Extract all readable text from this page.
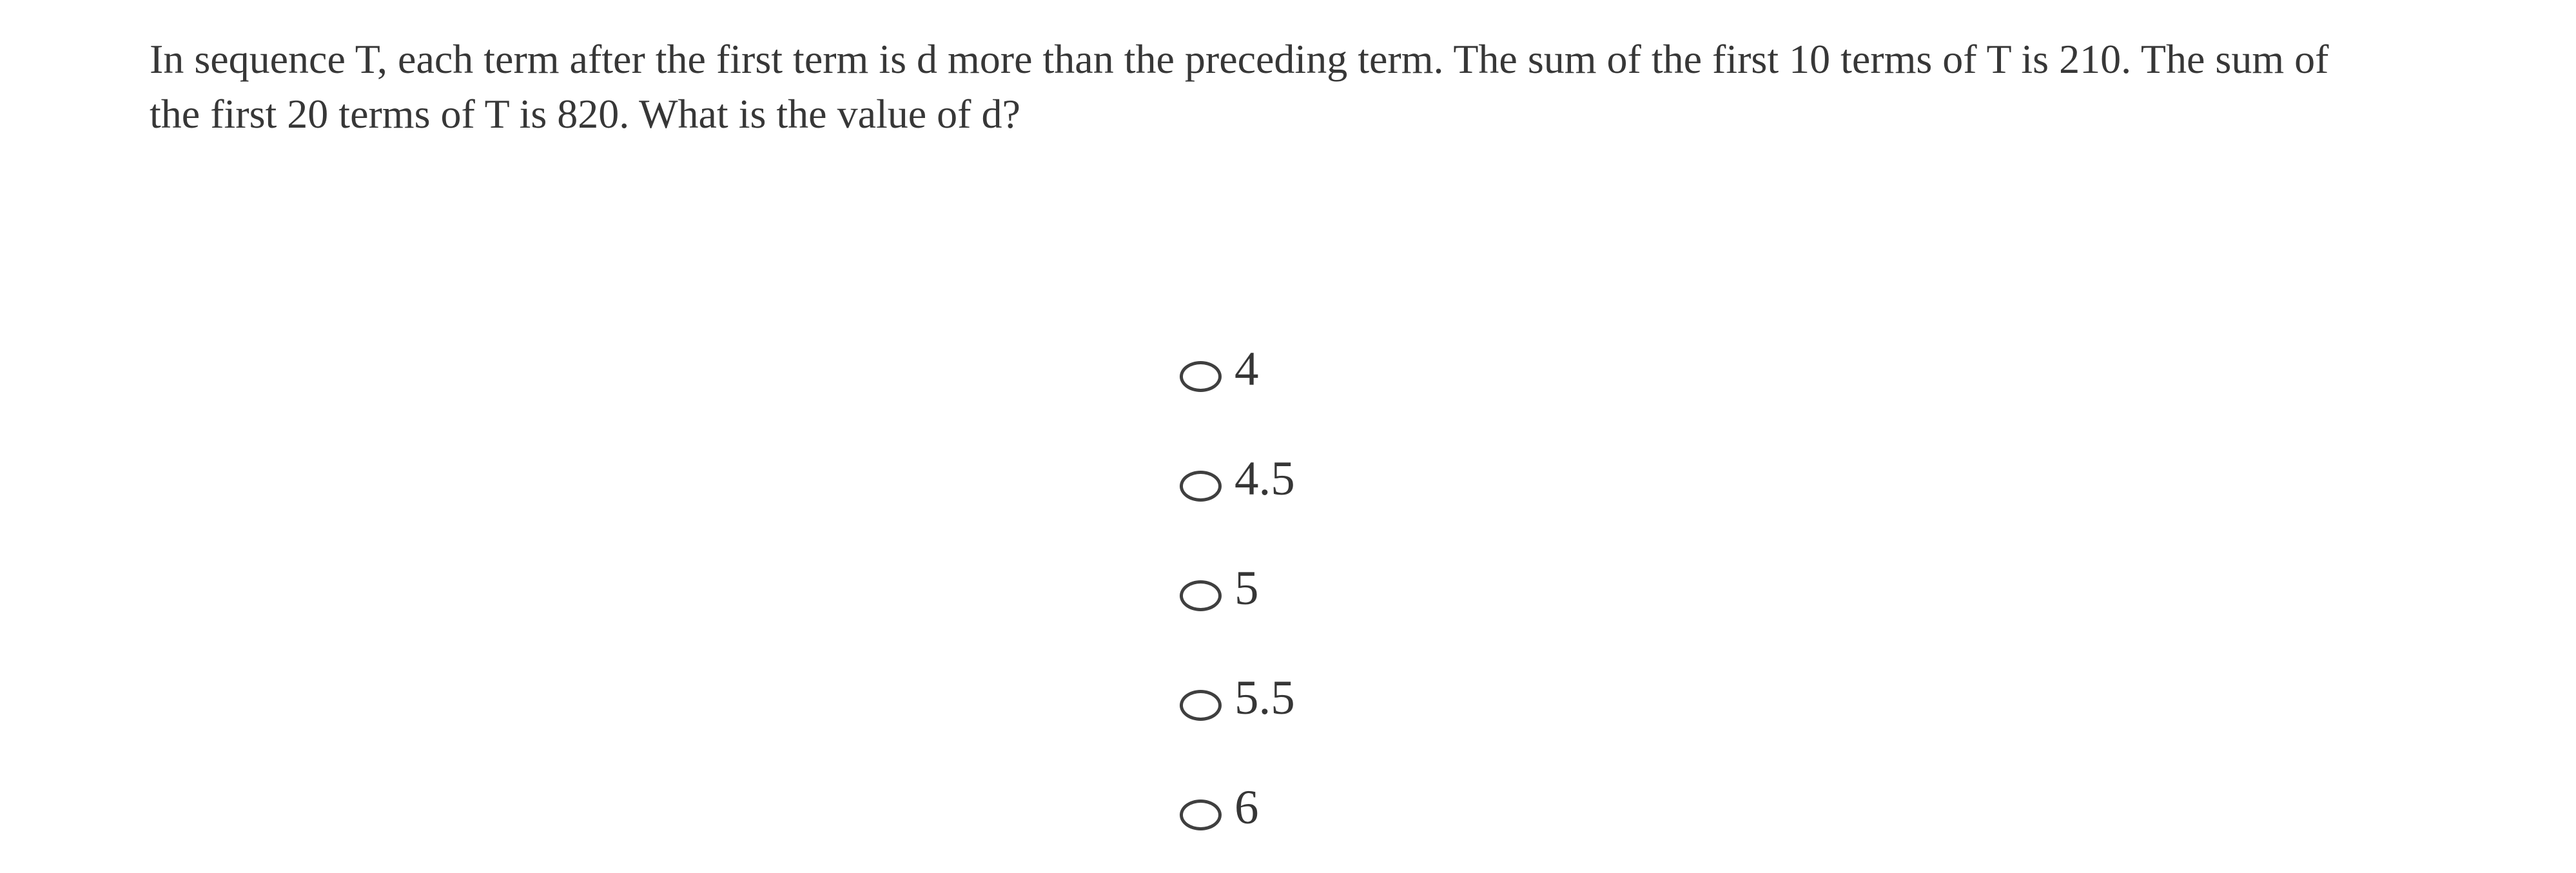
In sequence T, each term after the first term is d more than the preceding term. The sum of the first 10 terms of T is 210. The sum of the first 20 terms of T is 820. What is the value of d?

4
4.5
5
5.5
6
